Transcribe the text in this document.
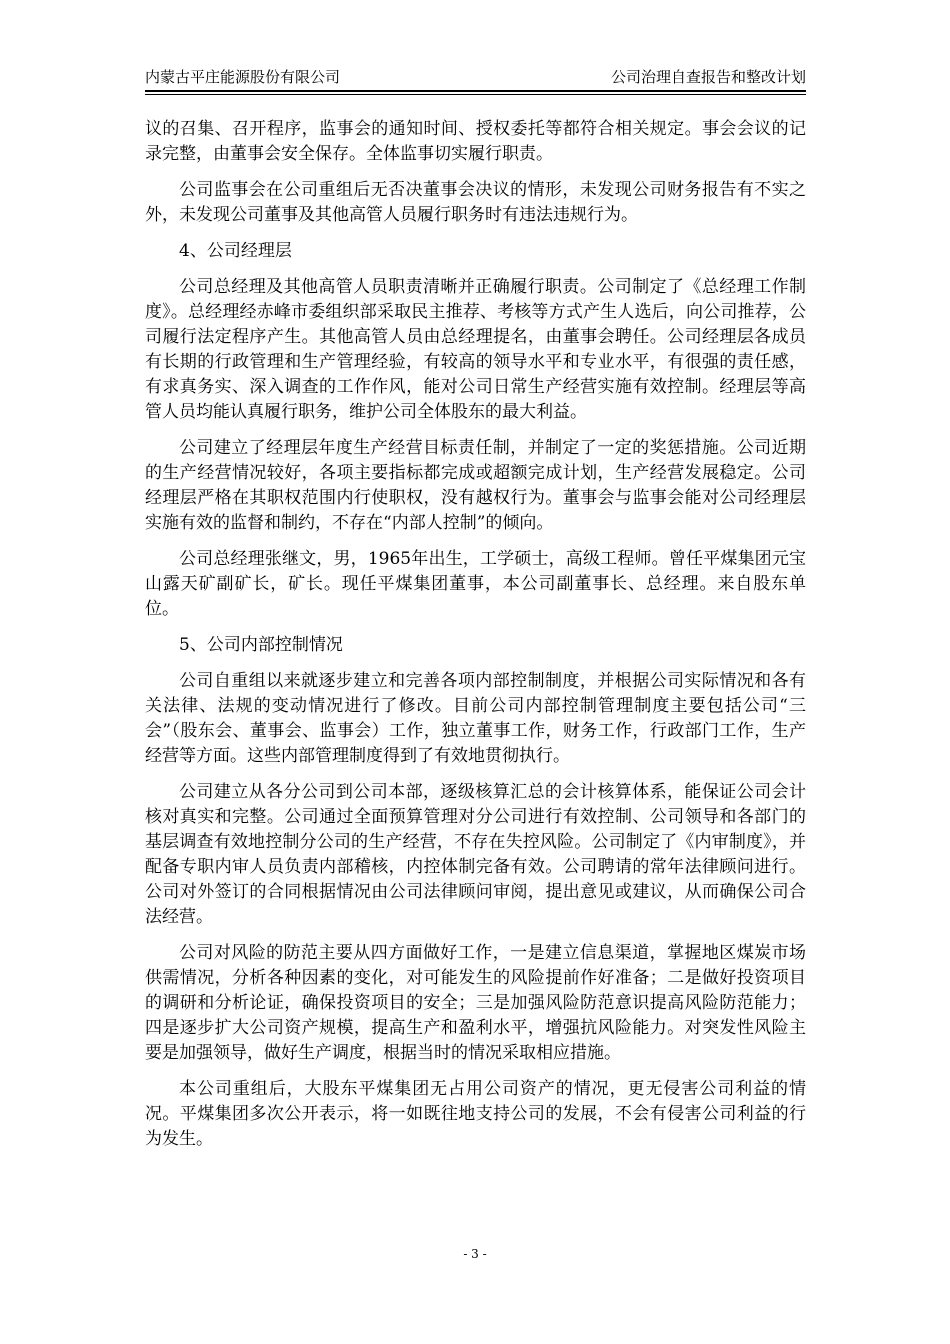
内蒙古平庄能源股份有限公司	公司治理自查报告和整改计划

议的召集、召开程序，监事会的通知时间、授权委托等都符合相关规定。事会会议的记录完整，由董事会安全保存。全体监事切实履行职责。

公司监事会在公司重组后无否决董事会决议的情形，未发现公司财务报告有不实之外，未发现公司董事及其他高管人员履行职务时有违法违规行为。

4、公司经理层

公司总经理及其他高管人员职责清晰并正确履行职责。公司制定了《总经理工作制度》。总经理经赤峰市委组织部采取民主推荐、考核等方式产生人选后，向公司推荐，公司履行法定程序产生。其他高管人员由总经理提名，由董事会聘任。公司经理层各成员有长期的行政管理和生产管理经验，有较高的领导水平和专业水平，有很强的责任感，有求真务实、深入调查的工作作风，能对公司日常生产经营实施有效控制。经理层等高管人员均能认真履行职务，维护公司全体股东的最大利益。

公司建立了经理层年度生产经营目标责任制，并制定了一定的奖惩措施。公司近期的生产经营情况较好，各项主要指标都完成或超额完成计划，生产经营发展稳定。公司经理层严格在其职权范围内行使职权，没有越权行为。董事会与监事会能对公司经理层实施有效的监督和制约，不存在“内部人控制”的倾向。

公司总经理张继文，男，1965年出生，工学硕士，高级工程师。曾任平煤集团元宝山露天矿副矿长，矿长。现任平煤集团董事，本公司副董事长、总经理。来自股东单位。

5、公司内部控制情况

公司自重组以来就逐步建立和完善各项内部控制制度，并根据公司实际情况和各有关法律、法规的变动情况进行了修改。目前公司内部控制管理制度主要包括公司“三会”（股东会、董事会、监事会）工作，独立董事工作，财务工作，行政部门工作，生产经营等方面。这些内部管理制度得到了有效地贯彻执行。

公司建立从各分公司到公司本部，逐级核算汇总的会计核算体系，能保证公司会计核对真实和完整。公司通过全面预算管理对分公司进行有效控制、公司领导和各部门的基层调查有效地控制分公司的生产经营，不存在失控风险。公司制定了《内审制度》，并配备专职内审人员负责内部稽核，内控体制完备有效。公司聘请的常年法律顾问进行。公司对外签订的合同根据情况由公司法律顾问审阅，提出意见或建议，从而确保公司合法经营。

公司对风险的防范主要从四方面做好工作，一是建立信息渠道，掌握地区煤炭市场供需情况，分析各种因素的变化，对可能发生的风险提前作好准备；二是做好投资项目的调研和分析论证，确保投资项目的安全；三是加强风险防范意识提高风险防范能力；四是逐步扩大公司资产规模，提高生产和盈利水平，增强抗风险能力。对突发性风险主要是加强领导，做好生产调度，根据当时的情况采取相应措施。

本公司重组后，大股东平煤集团无占用公司资产的情况，更无侵害公司利益的情况。平煤集团多次公开表示，将一如既往地支持公司的发展，不会有侵害公司利益的行为发生。

- 3 -
